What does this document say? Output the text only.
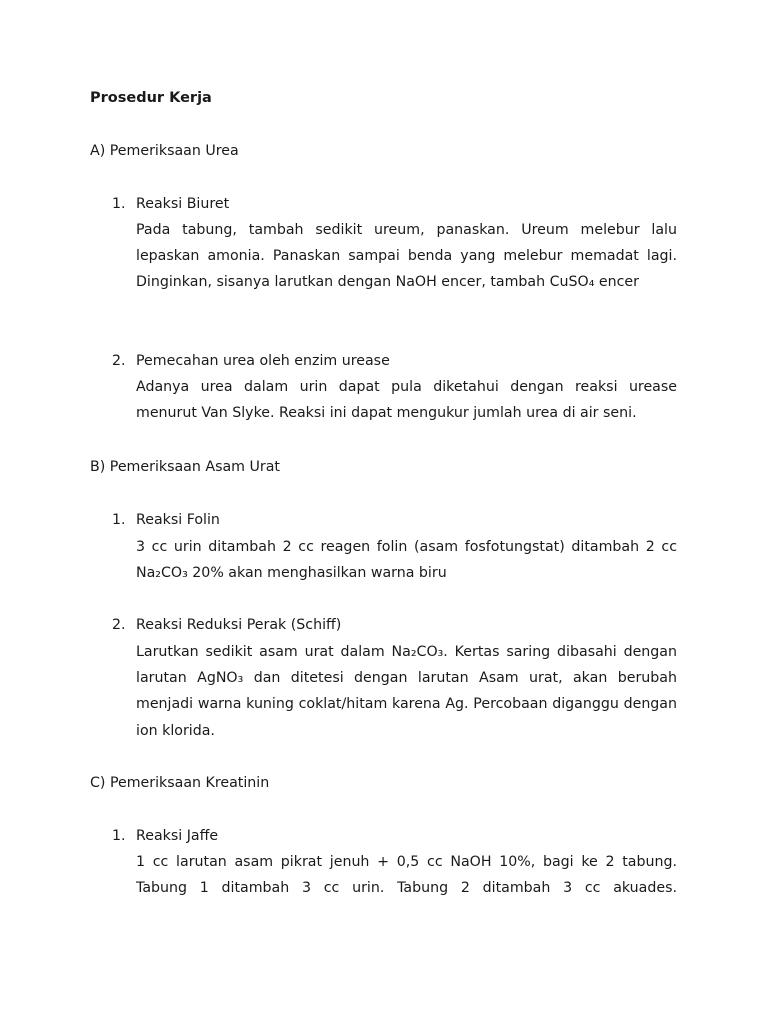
Prosedur Kerja
A) Pemeriksaan Urea
1. Reaksi Biuret
Pada tabung, tambah sedikit ureum, panaskan. Ureum melebur lalu lepaskan amonia. Panaskan sampai benda yang melebur memadat lagi. Dinginkan, sisanya larutkan dengan NaOH encer, tambah CuSO₄ encer
2. Pemecahan urea oleh enzim urease
Adanya urea dalam urin dapat pula diketahui dengan reaksi urease menurut Van Slyke. Reaksi ini dapat mengukur jumlah urea di air seni.
B) Pemeriksaan Asam Urat
1. Reaksi Folin
3 cc urin ditambah 2 cc reagen folin (asam fosfotungstat) ditambah 2 cc Na₂CO₃ 20% akan menghasilkan warna biru
2. Reaksi Reduksi Perak (Schiff)
Larutkan sedikit asam urat dalam Na₂CO₃. Kertas saring dibasahi dengan larutan AgNO₃ dan ditetesi dengan larutan Asam urat, akan berubah menjadi warna kuning coklat/hitam karena Ag. Percobaan diganggu dengan ion klorida.
C) Pemeriksaan Kreatinin
1. Reaksi Jaffe
1 cc larutan asam pikrat jenuh + 0,5 cc NaOH 10%, bagi ke 2 tabung. Tabung 1 ditambah 3 cc urin. Tabung 2 ditambah 3 cc akuades.
